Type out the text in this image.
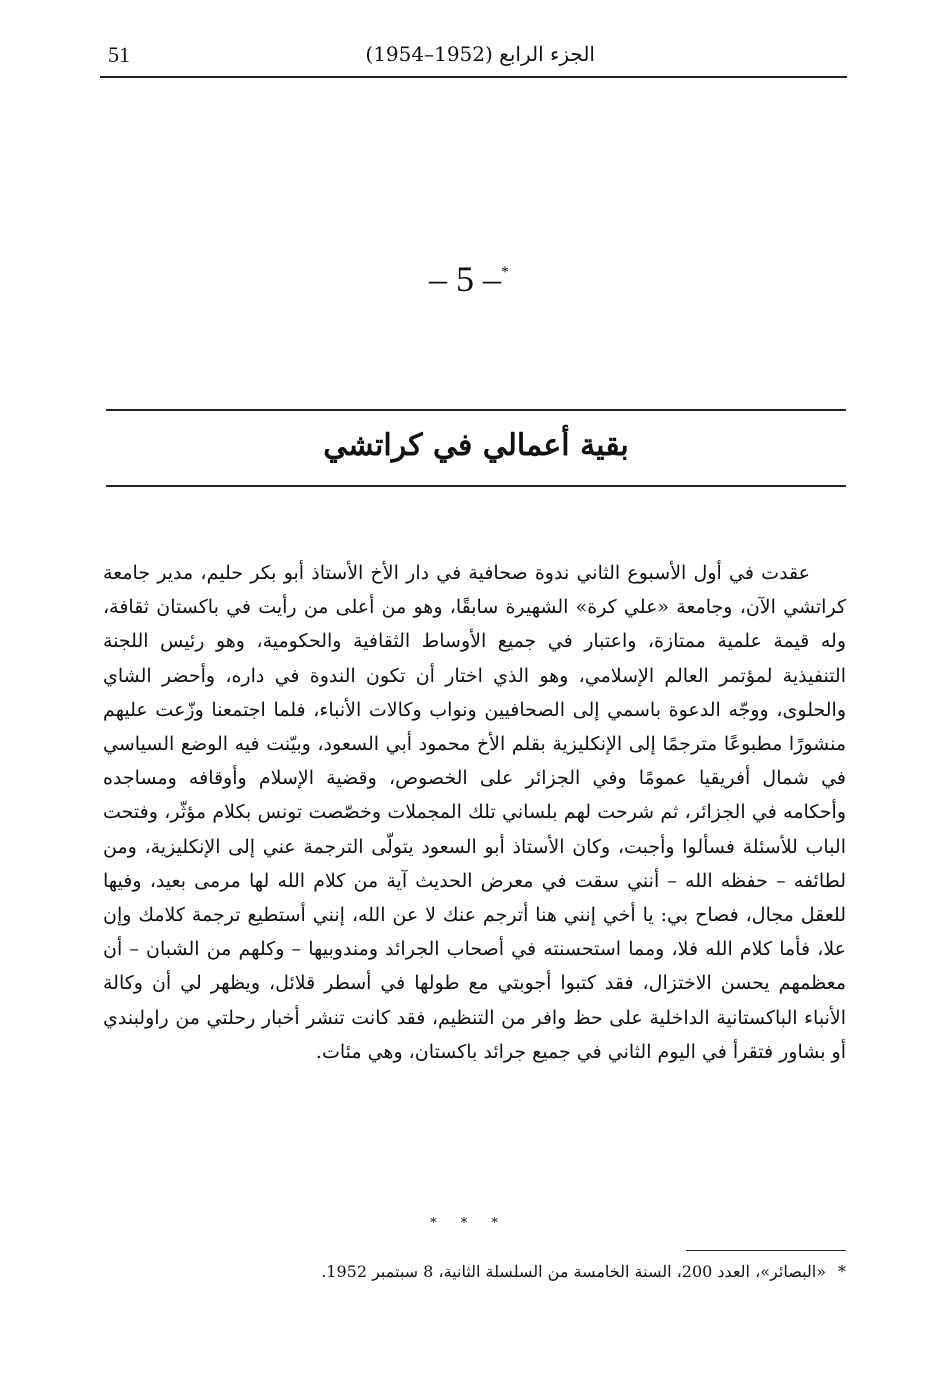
51	الجزء الرابع (1952–1954)
– 5 –*
بقية أعمالي في كراتشي

عقدت في أول الأسبوع الثاني ندوة صحافية في دار الأخ الأستاذ أبو بكر حليم، مدير جامعة كراتشي الآن، وجامعة «علي كرة» الشهيرة سابقًا، وهو من أعلى من رأيت في باكستان ثقافة، وله قيمة علمية ممتازة، واعتبار في جميع الأوساط الثقافية والحكومية، وهو رئيس اللجنة التنفيذية لمؤتمر العالم الإسلامي، وهو الذي اختار أن تكون الندوة في داره، وأحضر الشاي والحلوى، ووجّه الدعوة باسمي إلى الصحافيين ونواب وكالات الأنباء، فلما اجتمعنا وزّعت عليهم منشورًا مطبوعًا مترجمًا إلى الإنكليزية بقلم الأخ محمود أبي السعود، وبيّنت فيه الوضع السياسي في شمال أفريقيا عمومًا وفي الجزائر على الخصوص، وقضية الإسلام وأوقافه ومساجده وأحكامه في الجزائر، ثم شرحت لهم بلساني تلك المجملات وخصّصت تونس بكلام مؤثّر، وفتحت الباب للأسئلة فسألوا وأجبت، وكان الأستاذ أبو السعود يتولّى الترجمة عني إلى الإنكليزية، ومن لطائفه – حفظه الله – أنني سقت في معرض الحديث آية من كلام الله لها مرمى بعيد، وفيها للعقل مجال، فصاح بي: يا أخي إنني هنا أترجم عنك لا عن الله، إنني أستطيع ترجمة كلامك وإن علا، فأما كلام الله فلا، ومما استحسنته في أصحاب الجرائد ومندوبيها – وكلهم من الشبان – أن معظمهم يحسن الاختزال، فقد كتبوا أجوبتي مع طولها في أسطر قلائل، ويظهر لي أن وكالة الأنباء الباكستانية الداخلية على حظ وافر من التنظيم، فقد كانت تنشر أخبار رحلتي من راولبندي أو بشاور فتقرأ في اليوم الثاني في جميع جرائد باكستان، وهي مئات.

* * *
*«البصائر»، العدد 200، السنة الخامسة من السلسلة الثانية، 8 سبتمبر 1952.
